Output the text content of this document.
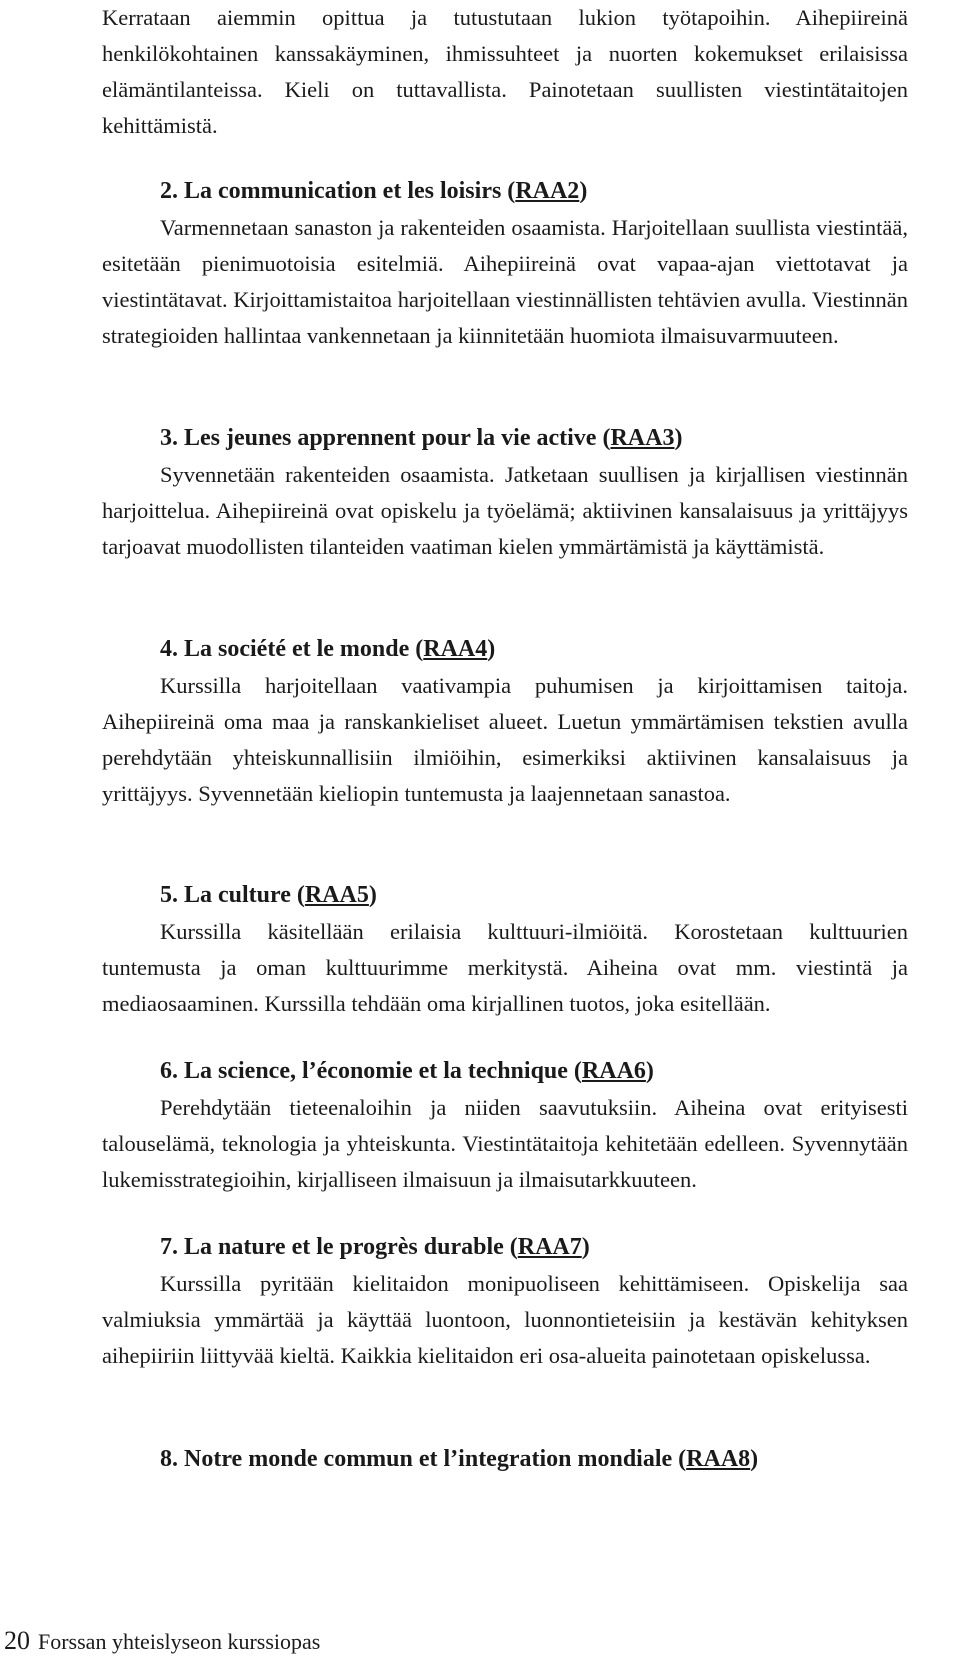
Kerrataan aiemmin opittua ja tutustutaan lukion työtapoihin. Aihepiireinä henkilökohtainen kanssakäyminen, ihmissuhteet ja nuorten kokemukset erilaisissa elämäntilanteissa. Kieli on tuttavallista. Painotetaan suullisten viestintätaitojen kehittämistä.

2. La communication et les loisirs (RAA2)

Varmennetaan sanaston ja rakenteiden osaamista. Harjoitellaan suullista viestintää, esitetään pienimuotoisia esitelmiä. Aihepiireinä ovat vapaa-ajan viettotavat ja viestintätavat. Kirjoittamistaitoa harjoitellaan viestinnällisten tehtävien avulla. Viestinnän strategioiden hallintaa vankennetaan ja kiinnitetään huomiota ilmaisuvarmuuteen.

3. Les jeunes apprennent pour la vie active (RAA3)

Syvennetään rakenteiden osaamista. Jatketaan suullisen ja kirjallisen viestinnän harjoittelua. Aihepiireinä ovat opiskelu ja työelämä; aktiivinen kansalaisuus ja yrittäjyys tarjoavat muodollisten tilanteiden vaatiman kielen ymmärtämistä ja käyttämistä.

4. La société et le monde (RAA4)

Kurssilla harjoitellaan vaativampia puhumisen ja kirjoittamisen taitoja. Aihepiireinä oma maa ja ranskankieliset alueet. Luetun ymmärtämisen tekstien avulla perehdytään yhteiskunnallisiin ilmiöihin, esimerkiksi aktiivinen kansalaisuus ja yrittäjyys. Syvennetään kieliopin tuntemusta ja laajennetaan sanastoa.

5. La culture (RAA5)

Kurssilla käsitellään erilaisia kulttuuri-ilmiöitä. Korostetaan kulttuurien tuntemusta ja oman kulttuurimme merkitystä. Aiheina ovat mm. viestintä ja mediaosaaminen. Kurssilla tehdään oma kirjallinen tuotos, joka esitellään.

6. La science, l’économie et la technique (RAA6)

Perehdytään tieteenaloihin ja niiden saavutuksiin. Aiheina ovat erityisesti talouselämä, teknologia ja yhteiskunta. Viestintätaitoja kehitetään edelleen. Syvennytään lukemisstrategioihin, kirjalliseen ilmaisuun ja ilmaisutarkkuuteen.

7. La nature et le progrès durable (RAA7)

Kurssilla pyritään kielitaidon monipuoliseen kehittämiseen. Opiskelija saa valmiuksia ymmärtää ja käyttää luontoon, luonnontieteisiin ja kestävän kehityksen aihepiiriin liittyvää kieltä. Kaikkia kielitaidon eri osa-alueita painotetaan opiskelussa.

8. Notre monde commun et l’integration mondiale (RAA8)
20 Forssan yhteislyseon kurssiopas
